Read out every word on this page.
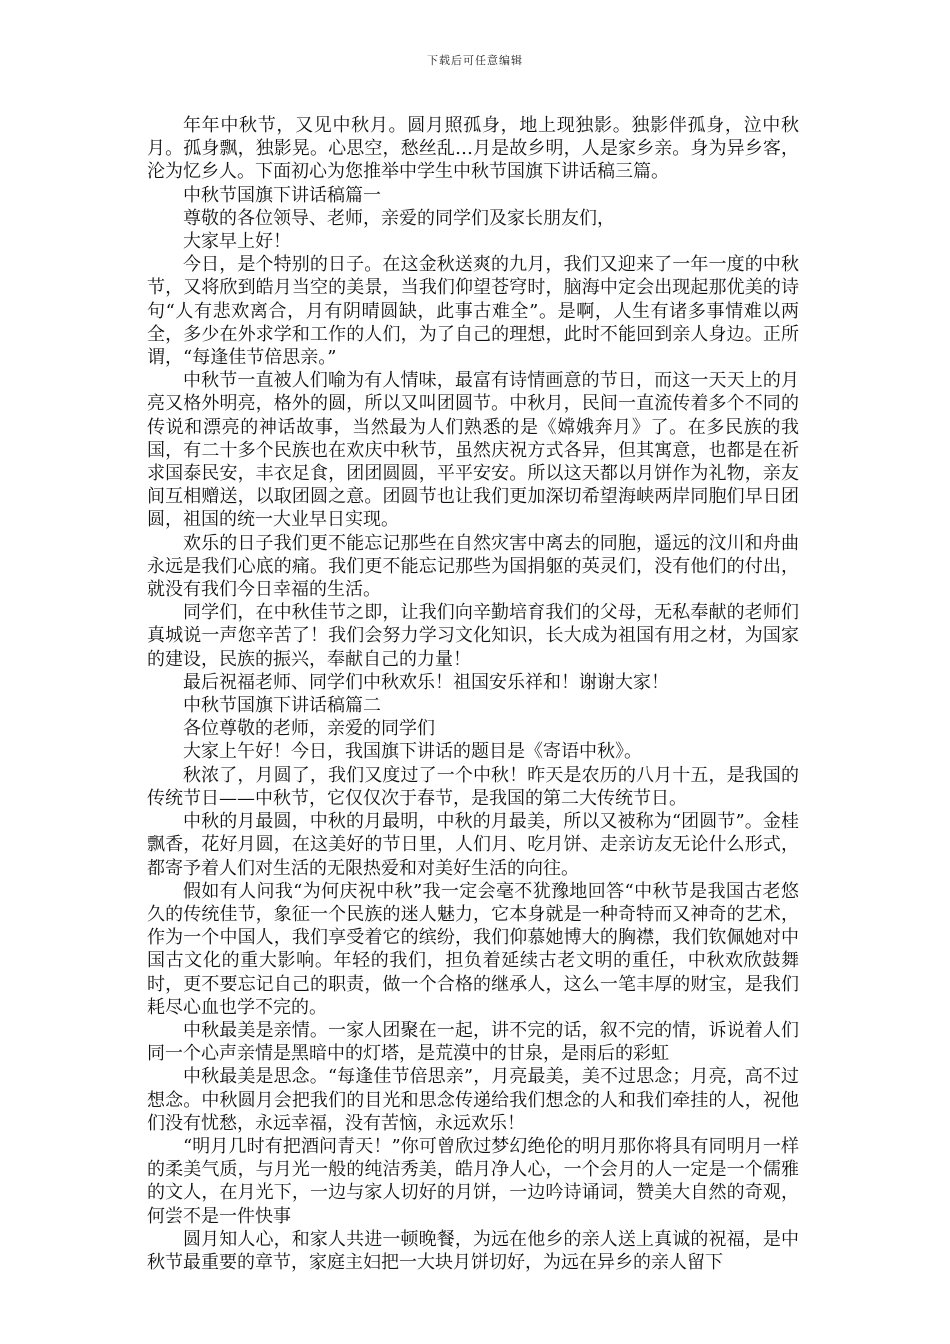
下载后可任意编辑

年年中秋节，又见中秋月。圆月照孤身，地上现独影。独影伴孤身，泣中秋月。孤身飘，独影晃。心思空，愁丝乱…月是故乡明，人是家乡亲。身为异乡客，沦为忆乡人。下面初心为您推举中学生中秋节国旗下讲话稿三篇。

中秋节国旗下讲话稿篇一

尊敬的各位领导、老师，亲爱的同学们及家长朋友们，

大家早上好！

今日，是个特别的日子。在这金秋送爽的九月，我们又迎来了一年一度的中秋节，又将欣到皓月当空的美景，当我们仰望苍穹时，脑海中定会出现起那优美的诗句“人有悲欢离合，月有阴晴圆缺，此事古难全”。是啊，人生有诸多事情难以两全，多少在外求学和工作的人们，为了自己的理想，此时不能回到亲人身边。正所谓，“每逢佳节倍思亲。”

中秋节一直被人们喻为有人情味，最富有诗情画意的节日，而这一天天上的月亮又格外明亮，格外的圆，所以又叫团圆节。中秋月，民间一直流传着多个不同的传说和漂亮的神话故事，当然最为人们熟悉的是《嫦娥奔月》了。在多民族的我国，有二十多个民族也在欢庆中秋节，虽然庆祝方式各异，但其寓意，也都是在祈求国泰民安，丰衣足食，团团圆圆，平平安安。所以这天都以月饼作为礼物，亲友间互相赠送，以取团圆之意。团圆节也让我们更加深切希望海峡两岸同胞们早日团圆，祖国的统一大业早日实现。

欢乐的日子我们更不能忘记那些在自然灾害中离去的同胞，遥远的汶川和舟曲永远是我们心底的痛。我们更不能忘记那些为国捐躯的英灵们，没有他们的付出，就没有我们今日幸福的生活。

同学们，在中秋佳节之即，让我们向辛勤培育我们的父母，无私奉献的老师们真城说一声您辛苦了！我们会努力学习文化知识，长大成为祖国有用之材，为国家的建设，民族的振兴，奉献自己的力量！

最后祝福老师、同学们中秋欢乐！祖国安乐祥和！谢谢大家！

中秋节国旗下讲话稿篇二

各位尊敬的老师，亲爱的同学们

大家上午好！今日，我国旗下讲话的题目是《寄语中秋》。

秋浓了，月圆了，我们又度过了一个中秋！昨天是农历的八月十五，是我国的传统节日——中秋节，它仅仅次于春节，是我国的第二大传统节日。

中秋的月最圆，中秋的月最明，中秋的月最美，所以又被称为“团圆节”。金桂飘香，花好月圆，在这美好的节日里，人们月、吃月饼、走亲访友无论什么形式，都寄予着人们对生活的无限热爱和对美好生活的向往。

假如有人问我“为何庆祝中秋”我一定会毫不犹豫地回答“中秋节是我国古老悠久的传统佳节，象征一个民族的迷人魅力，它本身就是一种奇特而又神奇的艺术，作为一个中国人，我们享受着它的缤纷，我们仰慕她博大的胸襟，我们钦佩她对中国古文化的重大影响。年轻的我们，担负着延续古老文明的重任，中秋欢欣鼓舞时，更不要忘记自己的职责，做一个合格的继承人，这么一笔丰厚的财宝，是我们耗尽心血也学不完的。

中秋最美是亲情。一家人团聚在一起，讲不完的话，叙不完的情，诉说着人们同一个心声亲情是黑暗中的灯塔，是荒漠中的甘泉，是雨后的彩虹

中秋最美是思念。“每逢佳节倍思亲”，月亮最美，美不过思念；月亮，高不过想念。中秋圆月会把我们的目光和思念传递给我们想念的人和我们牵挂的人，祝他们没有忧愁，永远幸福，没有苦恼，永远欢乐！

“明月几时有把酒问青天！”你可曾欣过梦幻绝伦的明月那你将具有同明月一样的柔美气质，与月光一般的纯洁秀美，皓月净人心，一个会月的人一定是一个儒雅的文人，在月光下，一边与家人切好的月饼，一边吟诗诵词，赞美大自然的奇观，何尝不是一件快事

圆月知人心，和家人共进一顿晚餐，为远在他乡的亲人送上真诚的祝福，是中秋节最重要的章节，家庭主妇把一大块月饼切好，为远在异乡的亲人留下
